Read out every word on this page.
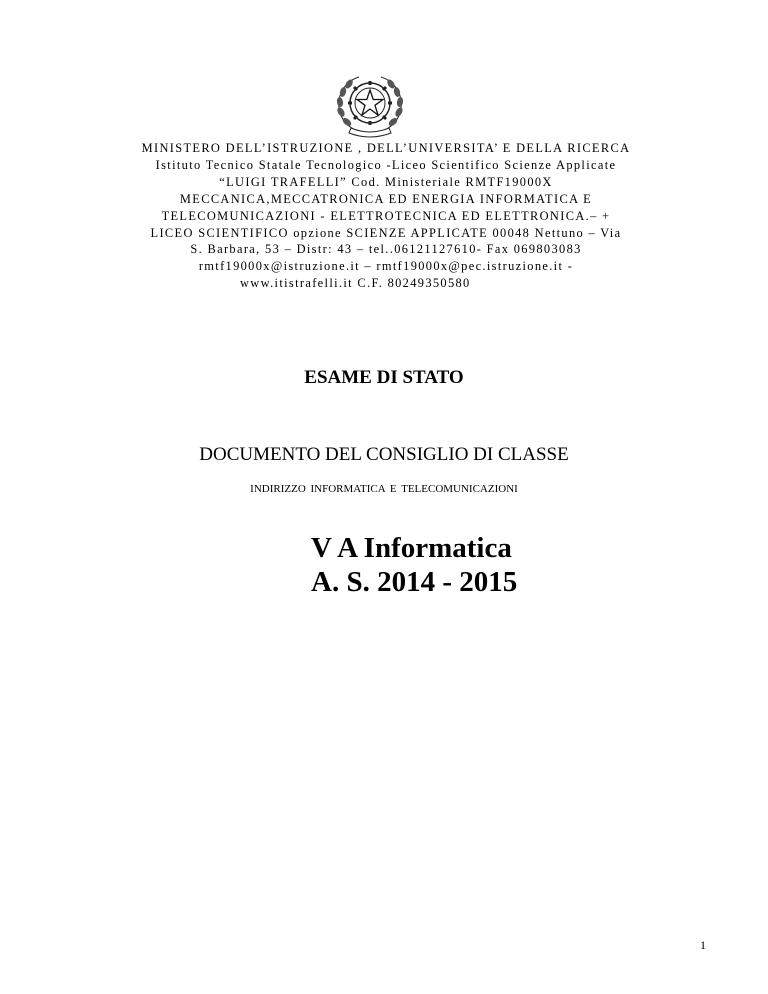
MINISTERO DELL’ISTRUZIONE , DELL’UNIVERSITA’ E DELLA RICERCA
Istituto Tecnico Statale Tecnologico -Liceo Scientifico Scienze Applicate
“LUIGI TRAFELLI” Cod. Ministeriale RMTF19000X
MECCANICA,MECCATRONICA ED ENERGIA INFORMATICA E
TELECOMUNICAZIONI - ELETTROTECNICA ED ELETTRONICA.– +
LICEO SCIENTIFICO opzione SCIENZE APPLICATE 00048 Nettuno – Via
S. Barbara, 53 – Distr: 43 – tel..06121127610- Fax 069803083
rmtf19000x@istruzione.it – rmtf19000x@pec.istruzione.it -
www.itistrafelli.it C.F. 80249350580
ESAME DI STATO
DOCUMENTO DEL CONSIGLIO DI CLASSE
INDIRIZZO INFORMATICA E TELECOMUNICAZIONI
V A Informatica
A. S. 2014 - 2015
1
